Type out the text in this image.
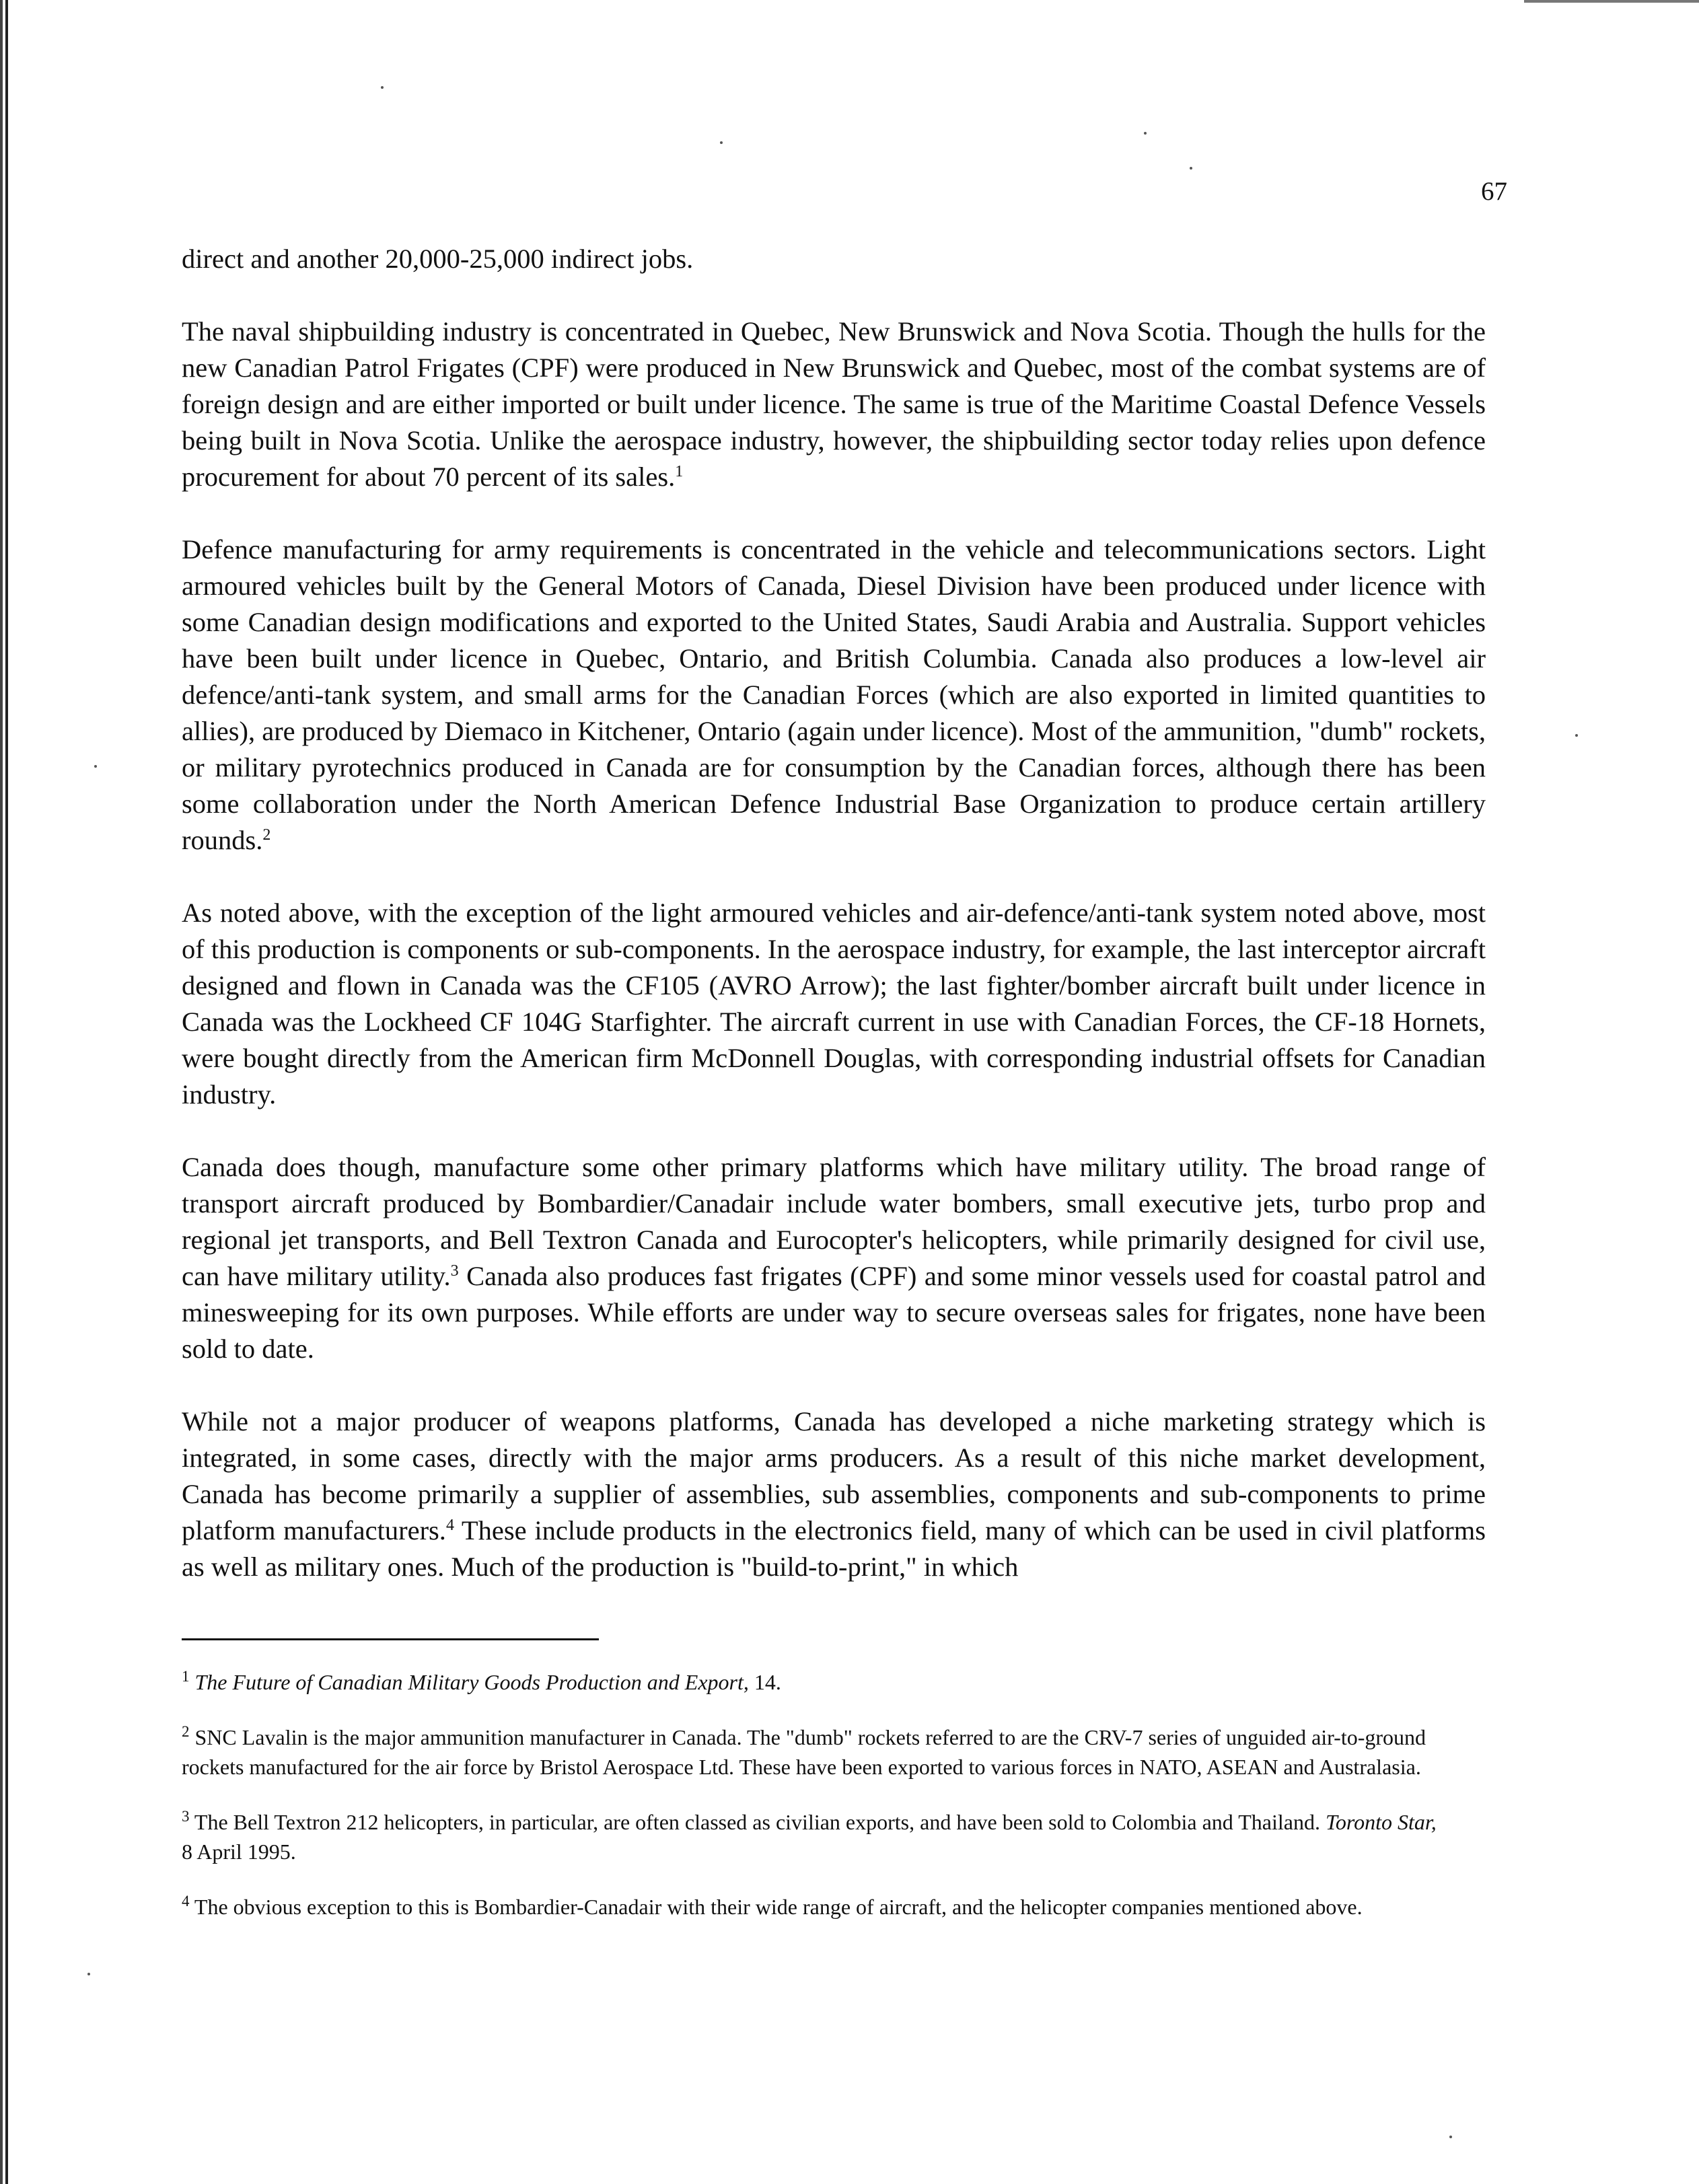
67

direct and another 20,000-25,000 indirect jobs.

The naval shipbuilding industry is concentrated in Quebec, New Brunswick and Nova Scotia. Though the hulls for the new Canadian Patrol Frigates (CPF) were produced in New Brunswick and Quebec, most of the combat systems are of foreign design and are either imported or built under licence. The same is true of the Maritime Coastal Defence Vessels being built in Nova Scotia. Unlike the aerospace industry, however, the shipbuilding sector today relies upon defence procurement for about 70 percent of its sales.$^1$

Defence manufacturing for army requirements is concentrated in the vehicle and telecommunications sectors. Light armoured vehicles built by the General Motors of Canada, Diesel Division have been produced under licence with some Canadian design modifications and exported to the United States, Saudi Arabia and Australia. Support vehicles have been built under licence in Quebec, Ontario, and British Columbia. Canada also produces a low-level air defence/anti-tank system, and small arms for the Canadian Forces (which are also exported in limited quantities to allies), are produced by Diemaco in Kitchener, Ontario (again under licence). Most of the ammunition, "dumb" rockets, or military pyrotechnics produced in Canada are for consumption by the Canadian forces, although there has been some collaboration under the North American Defence Industrial Base Organization to produce certain artillery rounds.$^2$

As noted above, with the exception of the light armoured vehicles and air-defence/anti-tank system noted above, most of this production is components or sub-components. In the aerospace industry, for example, the last interceptor aircraft designed and flown in Canada was the CF105 (AVRO Arrow); the last fighter/bomber aircraft built under licence in Canada was the Lockheed CF 104G Starfighter. The aircraft current in use with Canadian Forces, the CF-18 Hornets, were bought directly from the American firm McDonnell Douglas, with corresponding industrial offsets for Canadian industry.

Canada does though, manufacture some other primary platforms which have military utility. The broad range of transport aircraft produced by Bombardier/Canadair include water bombers, small executive jets, turbo prop and regional jet transports, and Bell Textron Canada and Eurocopter's helicopters, while primarily designed for civil use, can have military utility.$^3$ Canada also produces fast frigates (CPF) and some minor vessels used for coastal patrol and minesweeping for its own purposes. While efforts are under way to secure overseas sales for frigates, none have been sold to date.

While not a major producer of weapons platforms, Canada has developed a niche marketing strategy which is integrated, in some cases, directly with the major arms producers. As a result of this niche market development, Canada has become primarily a supplier of assemblies, sub assemblies, components and sub-components to prime platform manufacturers.$^4$ These include products in the electronics field, many of which can be used in civil platforms as well as military ones. Much of the production is "build-to-print," in which

$^1$ The Future of Canadian Military Goods Production and Export, 14.

$^2$ SNC Lavalin is the major ammunition manufacturer in Canada. The "dumb" rockets referred to are the CRV-7 series of unguided air-to-ground rockets manufactured for the air force by Bristol Aerospace Ltd. These have been exported to various forces in NATO, ASEAN and Australasia.

$^3$ The Bell Textron 212 helicopters, in particular, are often classed as civilian exports, and have been sold to Colombia and Thailand. Toronto Star, 8 April 1995.

$^4$ The obvious exception to this is Bombardier-Canadair with their wide range of aircraft, and the helicopter companies mentioned above.
